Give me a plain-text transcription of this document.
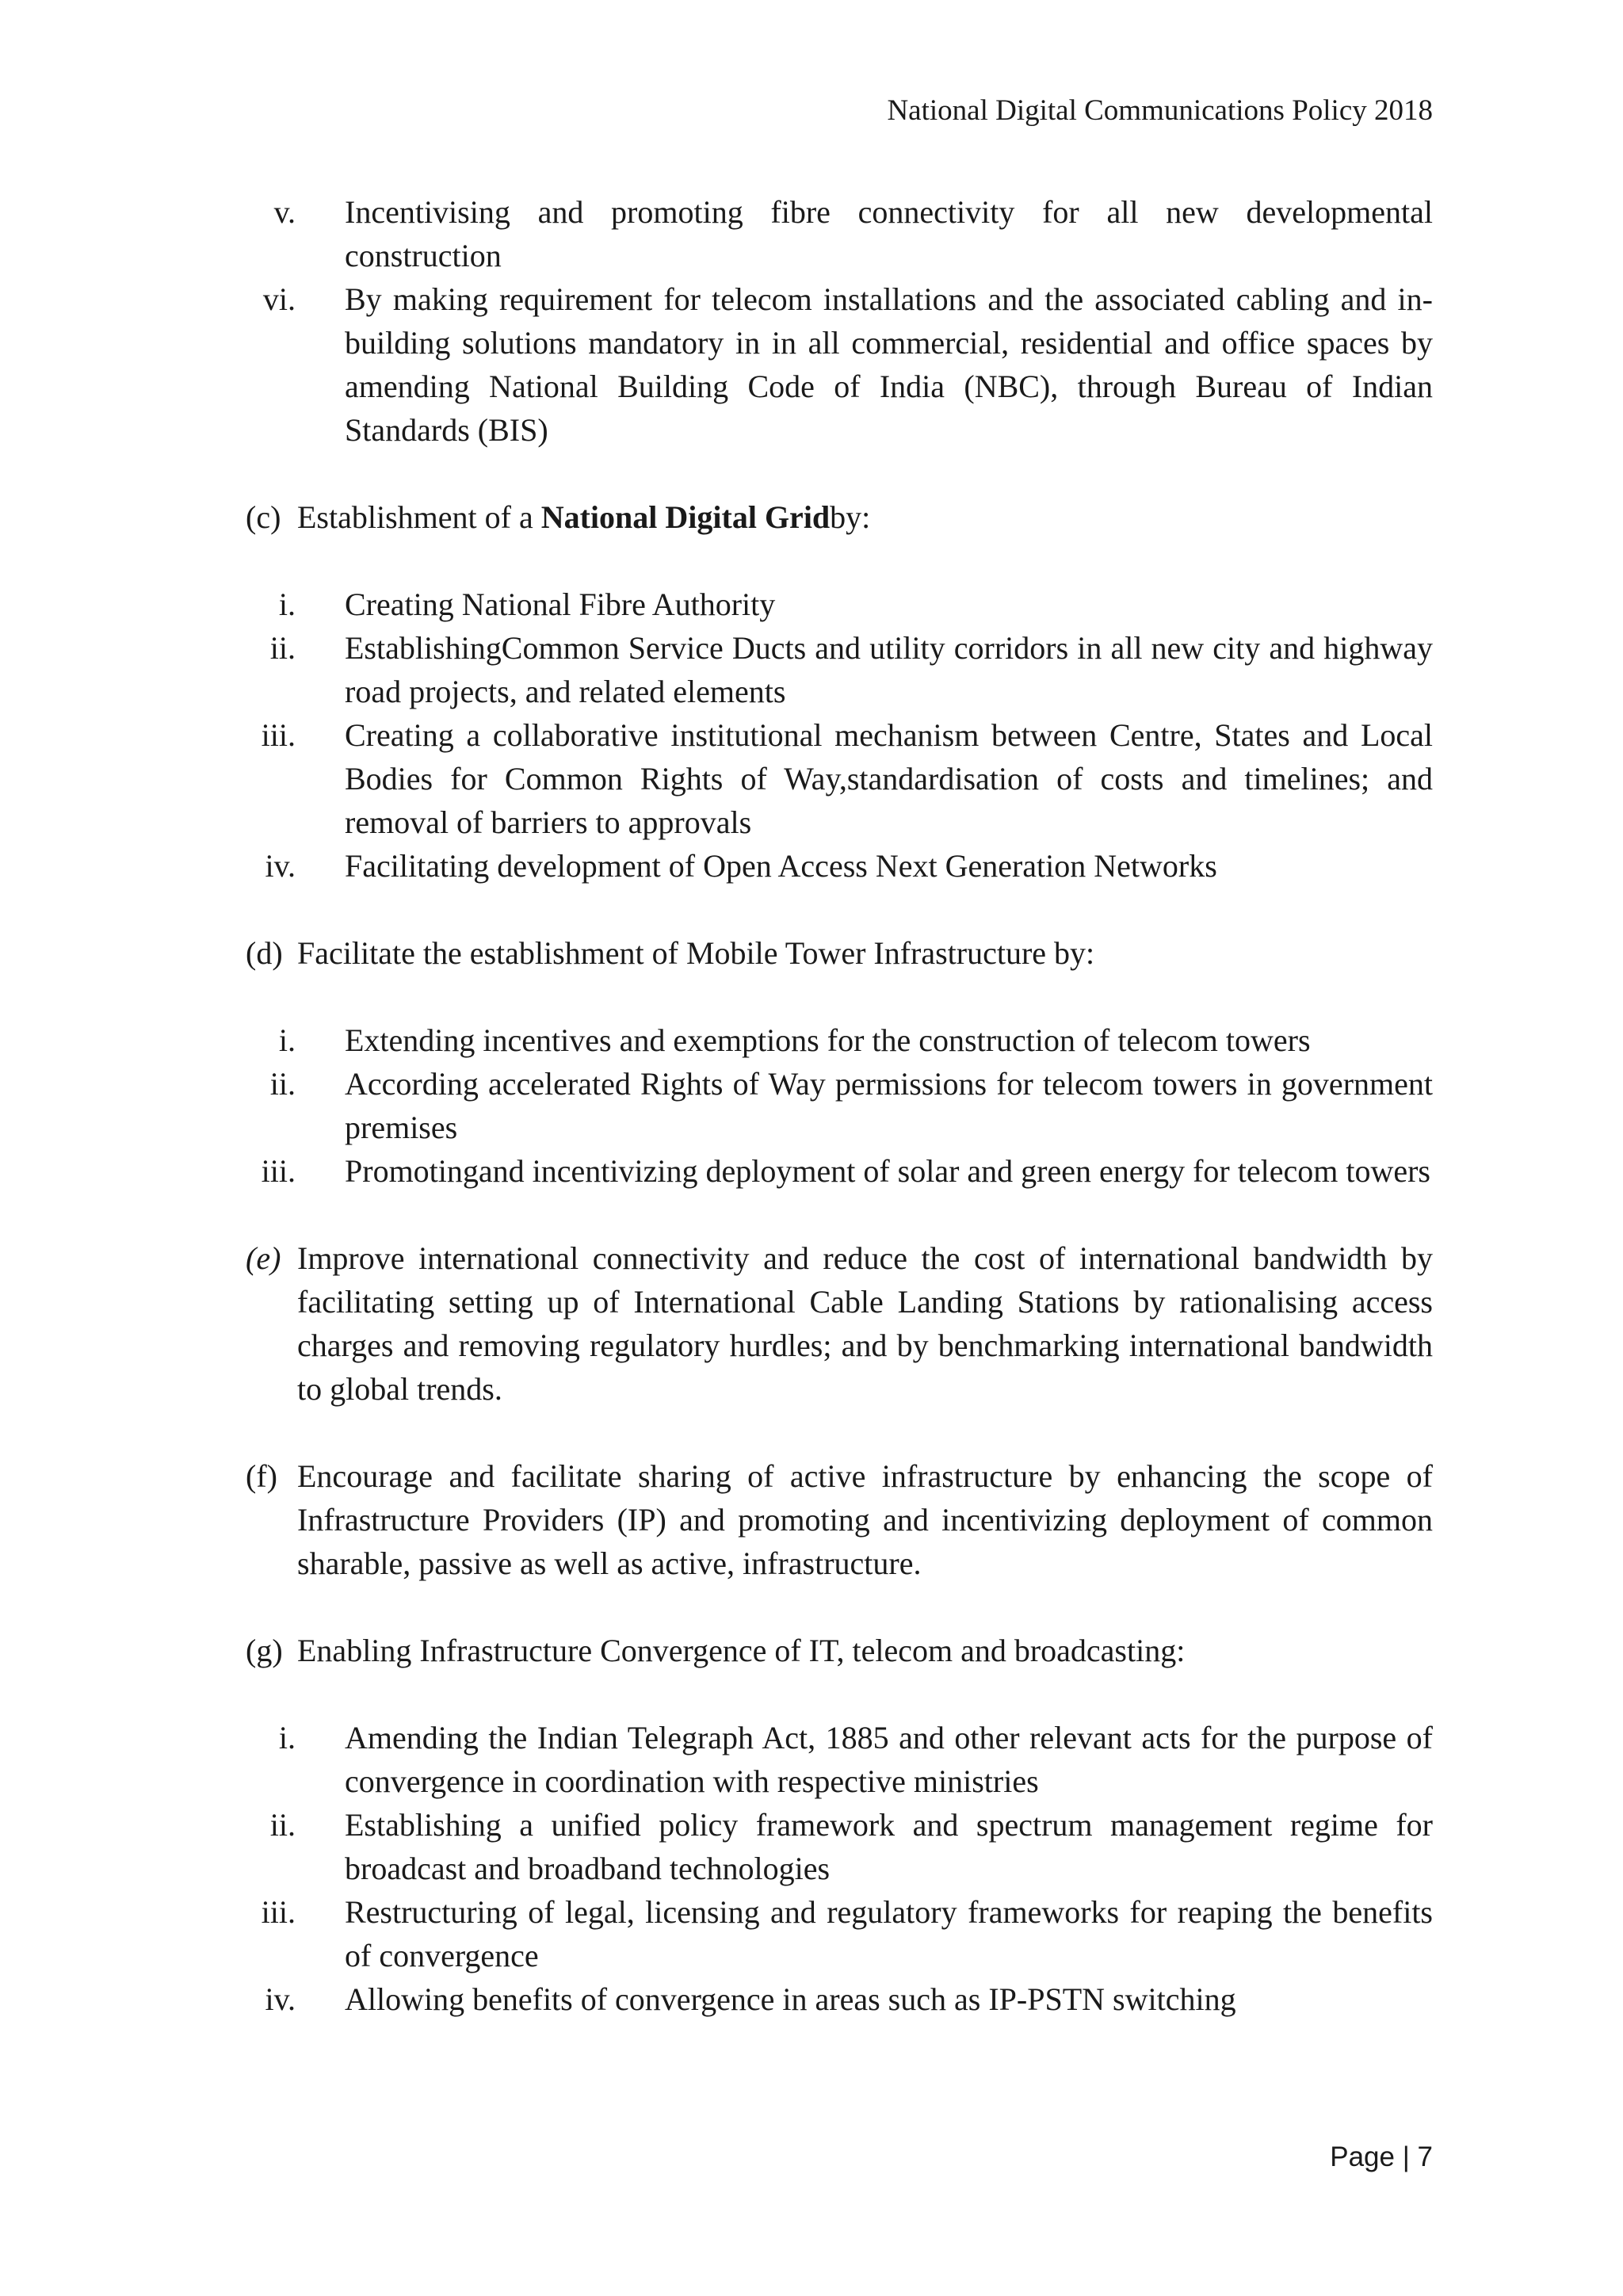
National Digital Communications Policy 2018
v.	Incentivising and promoting fibre connectivity for all new developmental construction
vi.	By making requirement for telecom installations and the associated cabling and in-building solutions mandatory in in all commercial, residential and office spaces by amending National Building Code of India (NBC), through Bureau of Indian Standards (BIS)
(c) Establishment of a National Digital Gridby:
i.	Creating National Fibre Authority
ii.	EstablishingCommon Service Ducts and utility corridors in all new city and highway road projects, and related elements
iii.	Creating a collaborative institutional mechanism between Centre, States and Local Bodies for Common Rights of Way,standardisation of costs and timelines; and removal of barriers to approvals
iv.	Facilitating development of Open Access Next Generation Networks
(d) Facilitate the establishment of Mobile Tower Infrastructure by:
i.	Extending incentives and exemptions for the construction of telecom towers
ii.	According accelerated Rights of Way permissions for telecom towers in government premises
iii.	Promotingand incentivizing deployment of solar and green energy for telecom towers
(e) Improve international connectivity and reduce the cost of international bandwidth by facilitating setting up of International Cable Landing Stations by rationalising access charges and removing regulatory hurdles; and by benchmarking international bandwidth to global trends.
(f) Encourage and facilitate sharing of active infrastructure by enhancing the scope of Infrastructure Providers (IP) and promoting and incentivizing deployment of common sharable, passive as well as active, infrastructure.
(g) Enabling Infrastructure Convergence of IT, telecom and broadcasting:
i.	Amending the Indian Telegraph Act, 1885 and other relevant acts for the purpose of convergence in coordination with respective ministries
ii.	Establishing a unified policy framework and spectrum management regime for broadcast and broadband technologies
iii.	Restructuring of legal, licensing and regulatory frameworks for reaping the benefits of convergence
iv.	Allowing benefits of convergence in areas such as IP-PSTN switching
Page | 7
